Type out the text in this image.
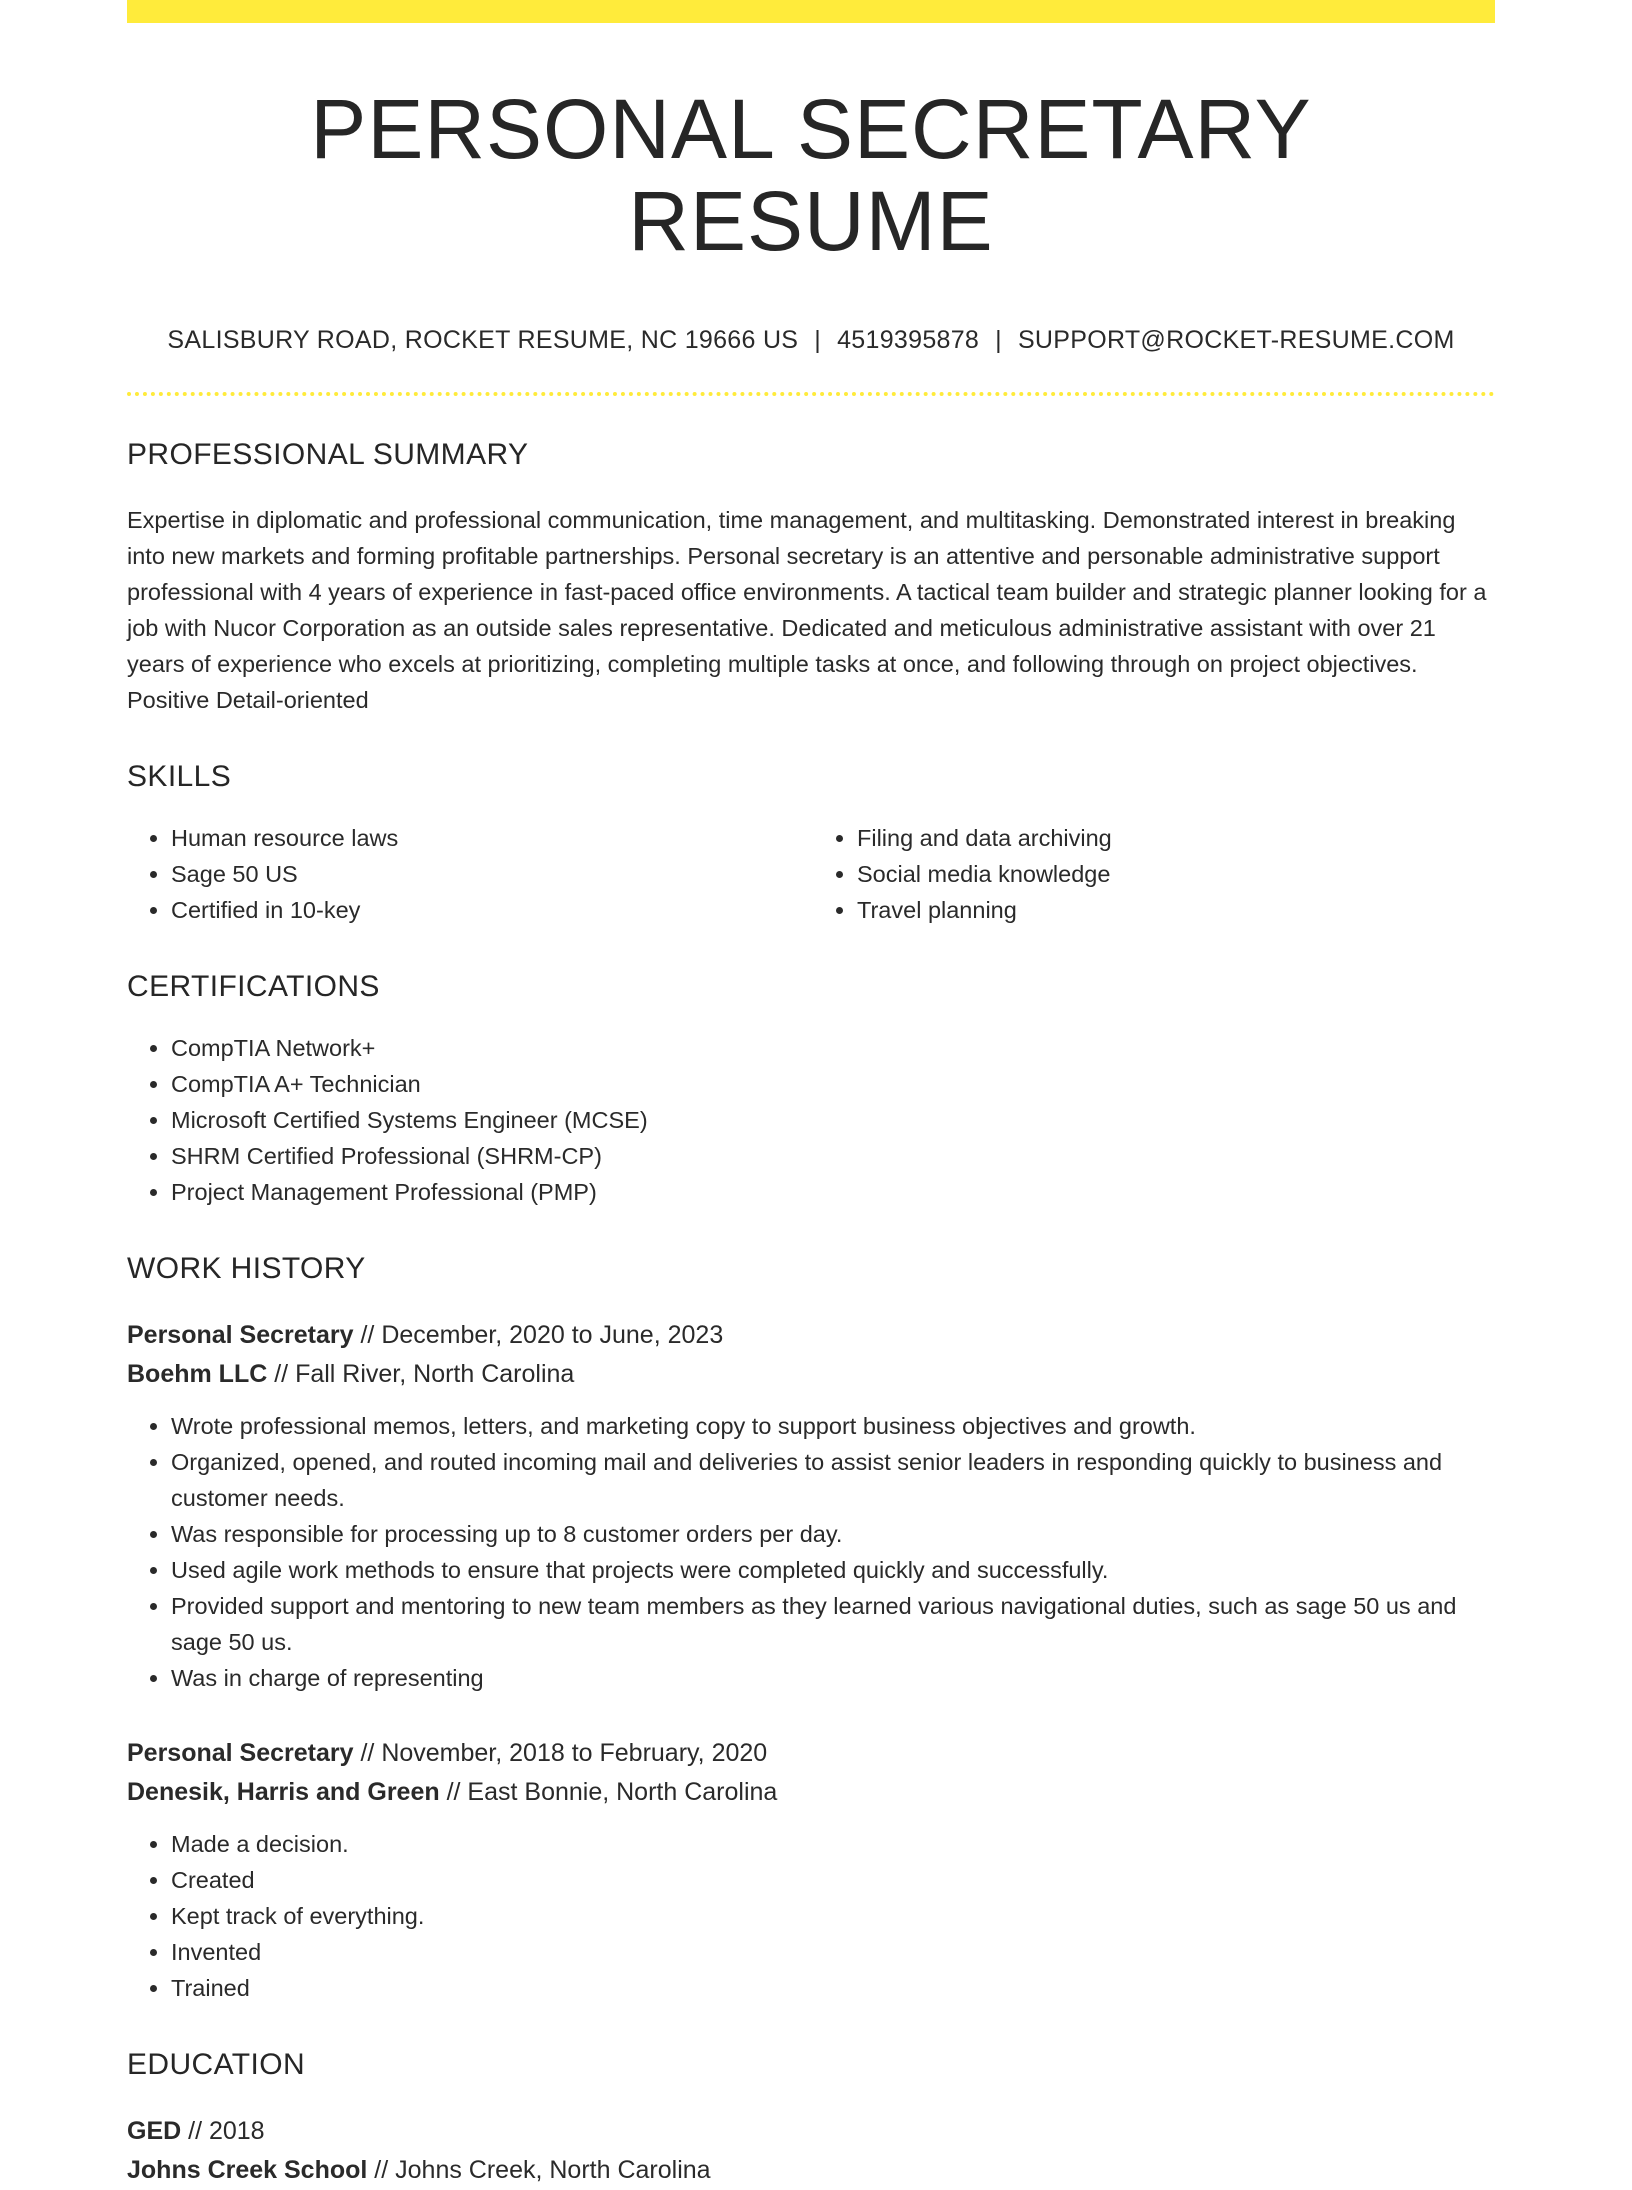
PERSONAL SECRETARY RESUME
SALISBURY ROAD, ROCKET RESUME, NC 19666 US | 4519395878 | SUPPORT@ROCKET-RESUME.COM
PROFESSIONAL SUMMARY
Expertise in diplomatic and professional communication, time management, and multitasking. Demonstrated interest in breaking into new markets and forming profitable partnerships. Personal secretary is an attentive and personable administrative support professional with 4 years of experience in fast-paced office environments. A tactical team builder and strategic planner looking for a job with Nucor Corporation as an outside sales representative. Dedicated and meticulous administrative assistant with over 21 years of experience who excels at prioritizing, completing multiple tasks at once, and following through on project objectives. Positive Detail-oriented
SKILLS
• Human resource laws
• Sage 50 US
• Certified in 10-key
• Filing and data archiving
• Social media knowledge
• Travel planning
CERTIFICATIONS
• CompTIA Network+
• CompTIA A+ Technician
• Microsoft Certified Systems Engineer (MCSE)
• SHRM Certified Professional (SHRM-CP)
• Project Management Professional (PMP)
WORK HISTORY
Personal Secretary // December, 2020 to June, 2023
Boehm LLC // Fall River, North Carolina
• Wrote professional memos, letters, and marketing copy to support business objectives and growth.
• Organized, opened, and routed incoming mail and deliveries to assist senior leaders in responding quickly to business and customer needs.
• Was responsible for processing up to 8 customer orders per day.
• Used agile work methods to ensure that projects were completed quickly and successfully.
• Provided support and mentoring to new team members as they learned various navigational duties, such as sage 50 us and sage 50 us.
• Was in charge of representing
Personal Secretary // November, 2018 to February, 2020
Denesik, Harris and Green // East Bonnie, North Carolina
• Made a decision.
• Created
• Kept track of everything.
• Invented
• Trained
EDUCATION
GED // 2018
Johns Creek School // Johns Creek, North Carolina
